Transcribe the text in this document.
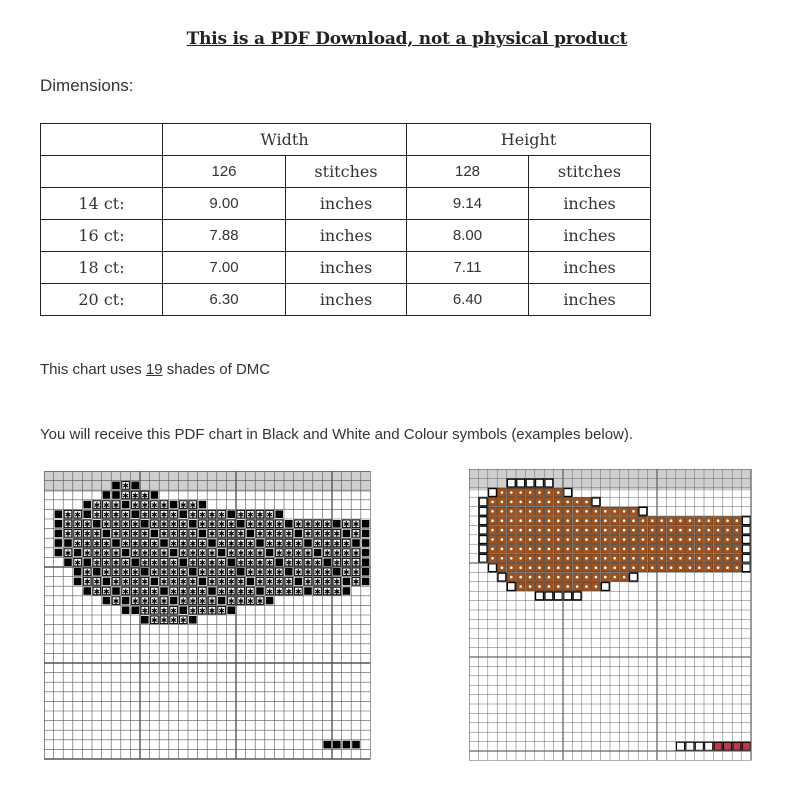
This is a PDF Download, not a physical product
Dimensions:
	Width		Height	
	126	stitches	128	stitches
14 ct:	9.00	inches	9.14	inches
16 ct:	7.88	inches	8.00	inches
18 ct:	7.00	inches	7.11	inches
20 ct:	6.30	inches	6.40	inches
This chart uses 19 shades of DMC
You will receive this PDF chart in Black and White and Colour symbols (examples below).
✱
✱ ✱ ✱
✱ ✱ ✱ ✱ ✱ ✱ ✱ ✱ ✱
✱ ✱ ✱ ✱ ✱ ✱ ✱ ✱ ✱ ✱ ✱ ✱ ✱ ✱ ✱ ✱ ✱ ✱
✱ ✱ ✱ ✱ ✱ ✱ ✱ ✱ ✱ ✱ ✱ ✱ ✱ ✱ ✱ ✱ ✱ ✱ ✱ ✱ ✱ ✱ ✱ ✱ ✱
✱ ✱ ✱ ✱ ✱ ✱ ✱ ✱ ✱ ✱ ✱ ✱ ✱ ✱ ✱ ✱ ✱ ✱ ✱ ✱ ✱ ✱ ✱ ✱ ✱
✱ ✱ ✱ ✱ ✱ ✱ ✱ ✱ ✱ ✱ ✱ ✱ ✱ ✱ ✱ ✱ ✱ ✱ ✱ ✱ ✱ ✱ ✱ ✱
✱ ✱ ✱ ✱ ✱ ✱ ✱ ✱ ✱ ✱ ✱ ✱ ✱ ✱ ✱ ✱ ✱ ✱ ✱ ✱ ✱ ✱ ✱ ✱ ✱
✱ ✱ ✱ ✱ ✱ ✱ ✱ ✱ ✱ ✱ ✱ ✱ ✱ ✱ ✱ ✱ ✱ ✱ ✱ ✱ ✱ ✱ ✱ ✱
✱ ✱ ✱ ✱ ✱ ✱ ✱ ✱ ✱ ✱ ✱ ✱ ✱ ✱ ✱ ✱ ✱ ✱ ✱ ✱ ✱ ✱ ✱
✱ ✱ ✱ ✱ ✱ ✱ ✱ ✱ ✱ ✱ ✱ ✱ ✱ ✱ ✱ ✱ ✱ ✱ ✱ ✱ ✱ ✱ ✱
✱ ✱ ✱ ✱ ✱ ✱ ✱ ✱ ✱ ✱ ✱ ✱ ✱ ✱ ✱ ✱ ✱ ✱ ✱ ✱ ✱
✱ ✱ ✱ ✱ ✱ ✱ ✱ ✱ ✱ ✱ ✱ ✱ ✱
✱ ✱ ✱ ✱ ✱ ✱ ✱ ✱
✱ ✱ ✱ ✱
